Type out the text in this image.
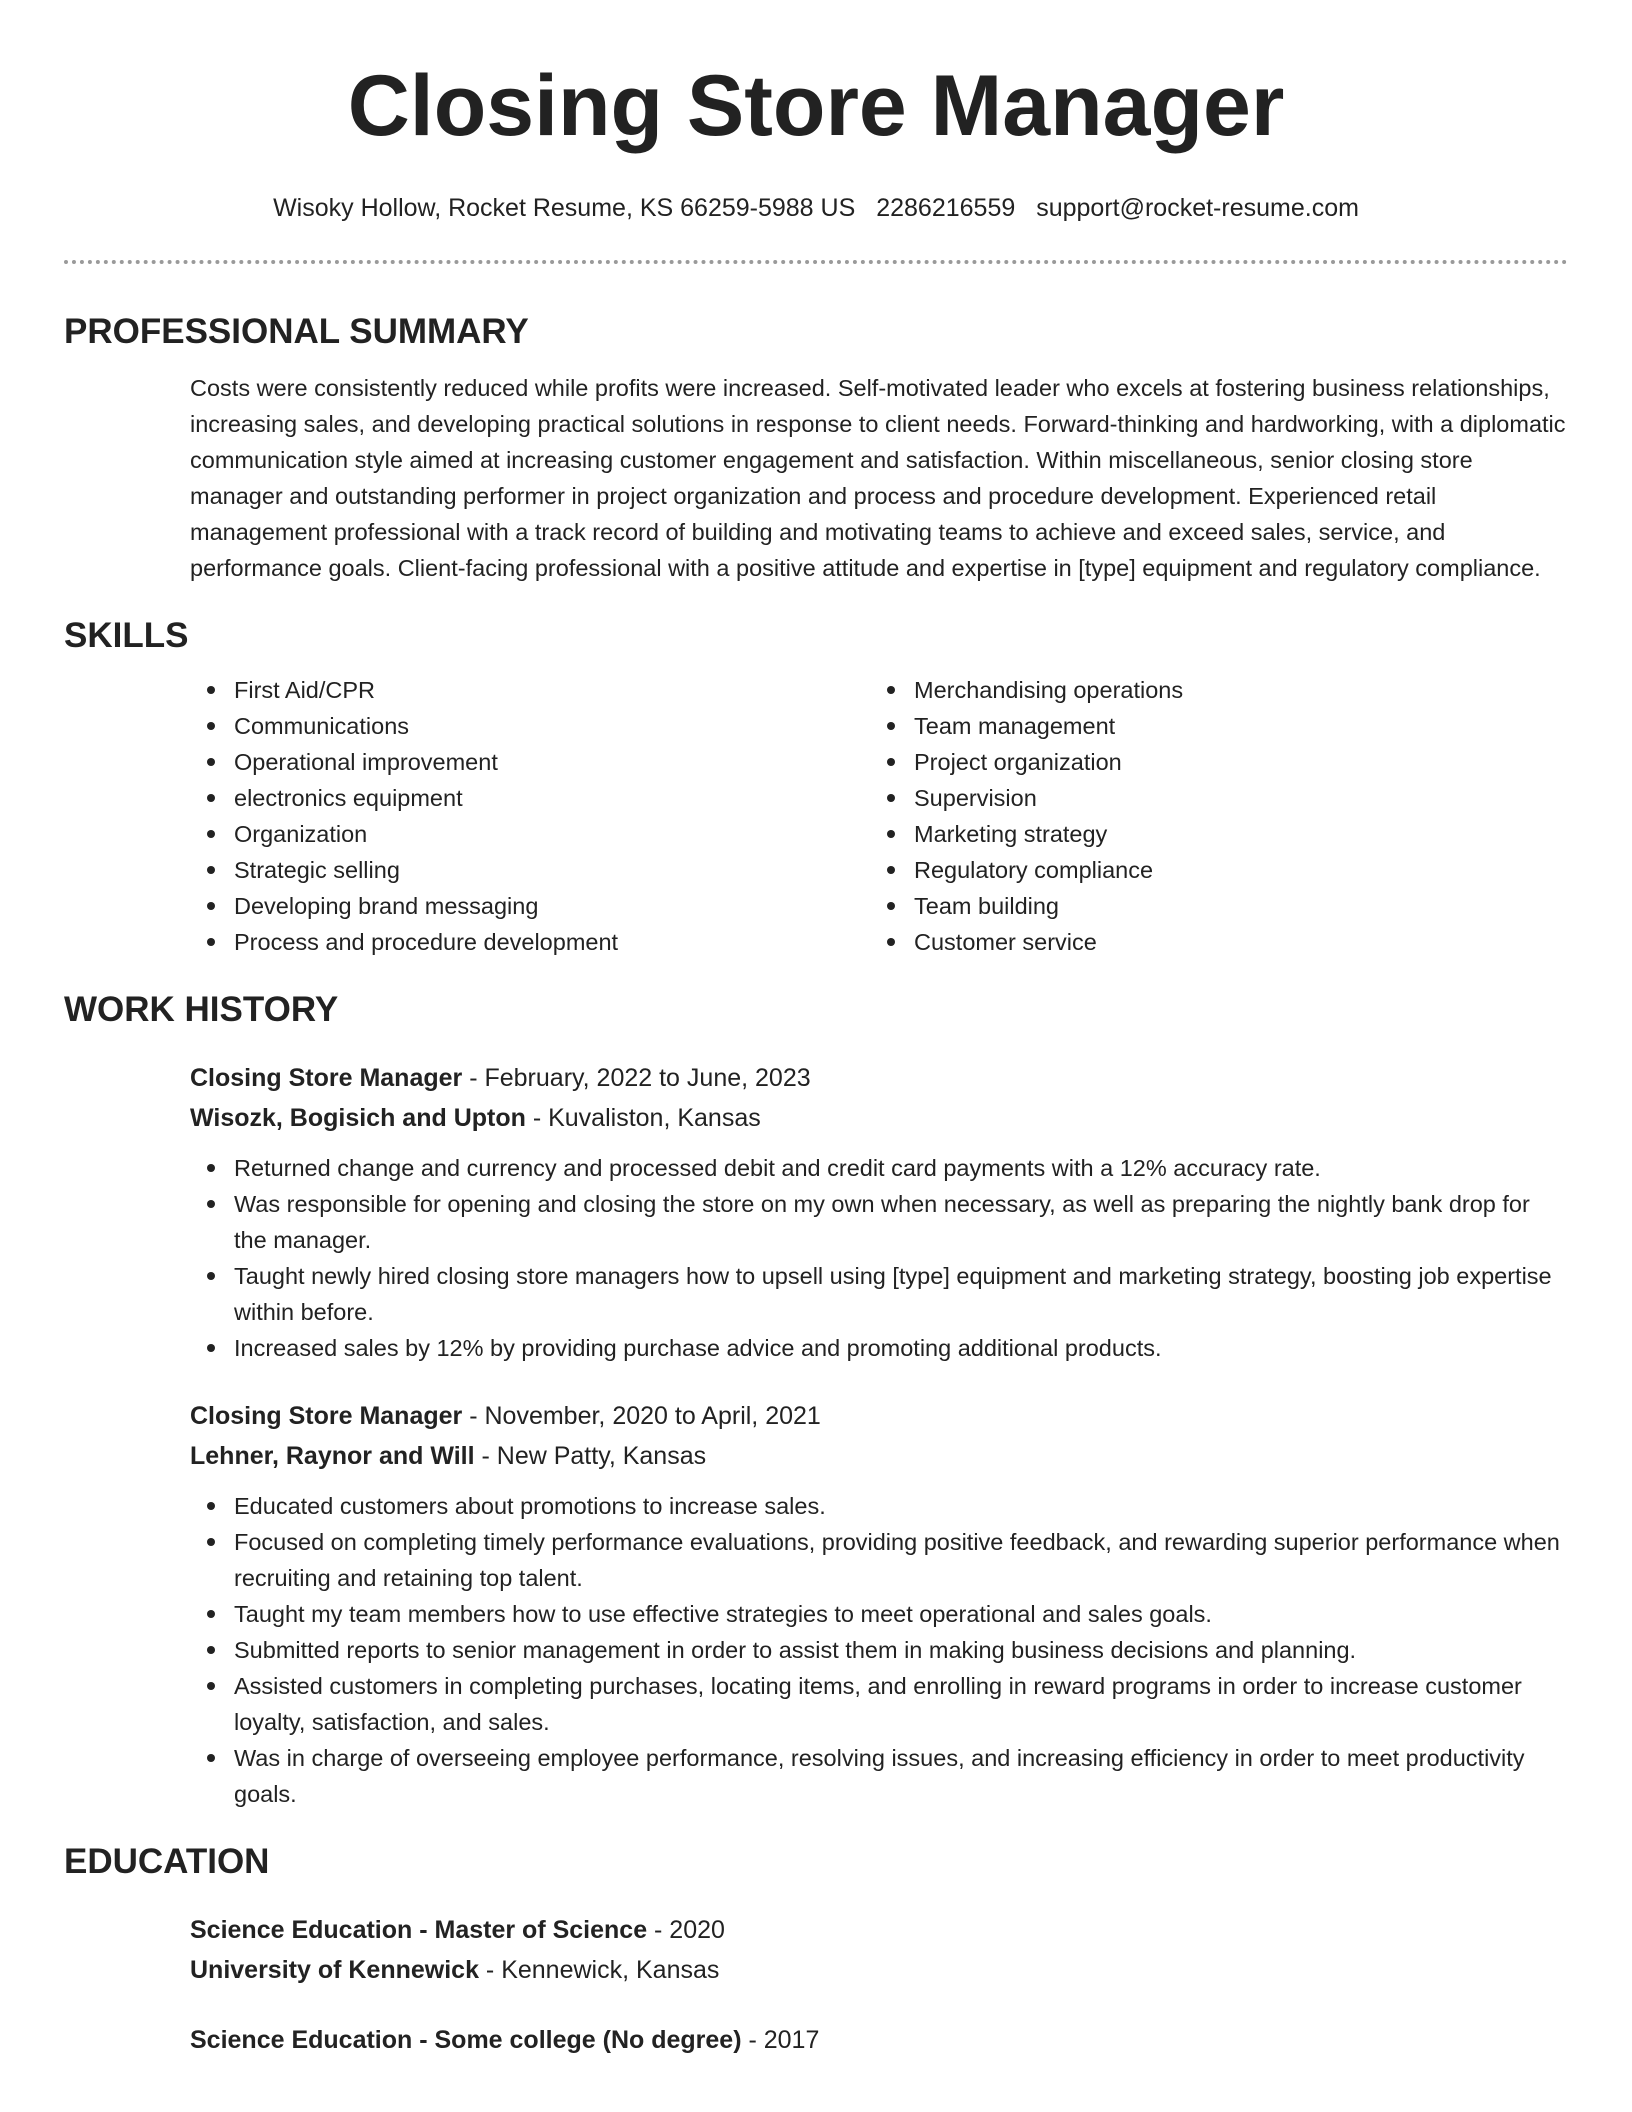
Closing Store Manager
Wisoky Hollow, Rocket Resume, KS 66259-5988 US 2286216559 support@rocket-resume.com
PROFESSIONAL SUMMARY

Costs were consistently reduced while profits were increased. Self-motivated leader who excels at fostering business relationships, increasing sales, and developing practical solutions in response to client needs. Forward-thinking and hardworking, with a diplomatic communication style aimed at increasing customer engagement and satisfaction. Within miscellaneous, senior closing store manager and outstanding performer in project organization and process and procedure development. Experienced retail management professional with a track record of building and motivating teams to achieve and exceed sales, service, and performance goals. Client-facing professional with a positive attitude and expertise in [type] equipment and regulatory compliance.

SKILLS
First Aid/CPR
Communications
Operational improvement
electronics equipment
Organization
Strategic selling
Developing brand messaging
Process and procedure development
Merchandising operations
Team management
Project organization
Supervision
Marketing strategy
Regulatory compliance
Team building
Customer service
WORK HISTORY
Closing Store Manager - February, 2022 to June, 2023
Wisozk, Bogisich and Upton - Kuvaliston, Kansas
Returned change and currency and processed debit and credit card payments with a 12% accuracy rate.
Was responsible for opening and closing the store on my own when necessary, as well as preparing the nightly bank drop for the manager.
Taught newly hired closing store managers how to upsell using [type] equipment and marketing strategy, boosting job expertise within before.
Increased sales by 12% by providing purchase advice and promoting additional products.
Closing Store Manager - November, 2020 to April, 2021
Lehner, Raynor and Will - New Patty, Kansas
Educated customers about promotions to increase sales.
Focused on completing timely performance evaluations, providing positive feedback, and rewarding superior performance when recruiting and retaining top talent.
Taught my team members how to use effective strategies to meet operational and sales goals.
Submitted reports to senior management in order to assist them in making business decisions and planning.
Assisted customers in completing purchases, locating items, and enrolling in reward programs in order to increase customer loyalty, satisfaction, and sales.
Was in charge of overseeing employee performance, resolving issues, and increasing efficiency in order to meet productivity goals.
EDUCATION
Science Education - Master of Science - 2020
University of Kennewick - Kennewick, Kansas
Science Education - Some college (No degree) - 2017
